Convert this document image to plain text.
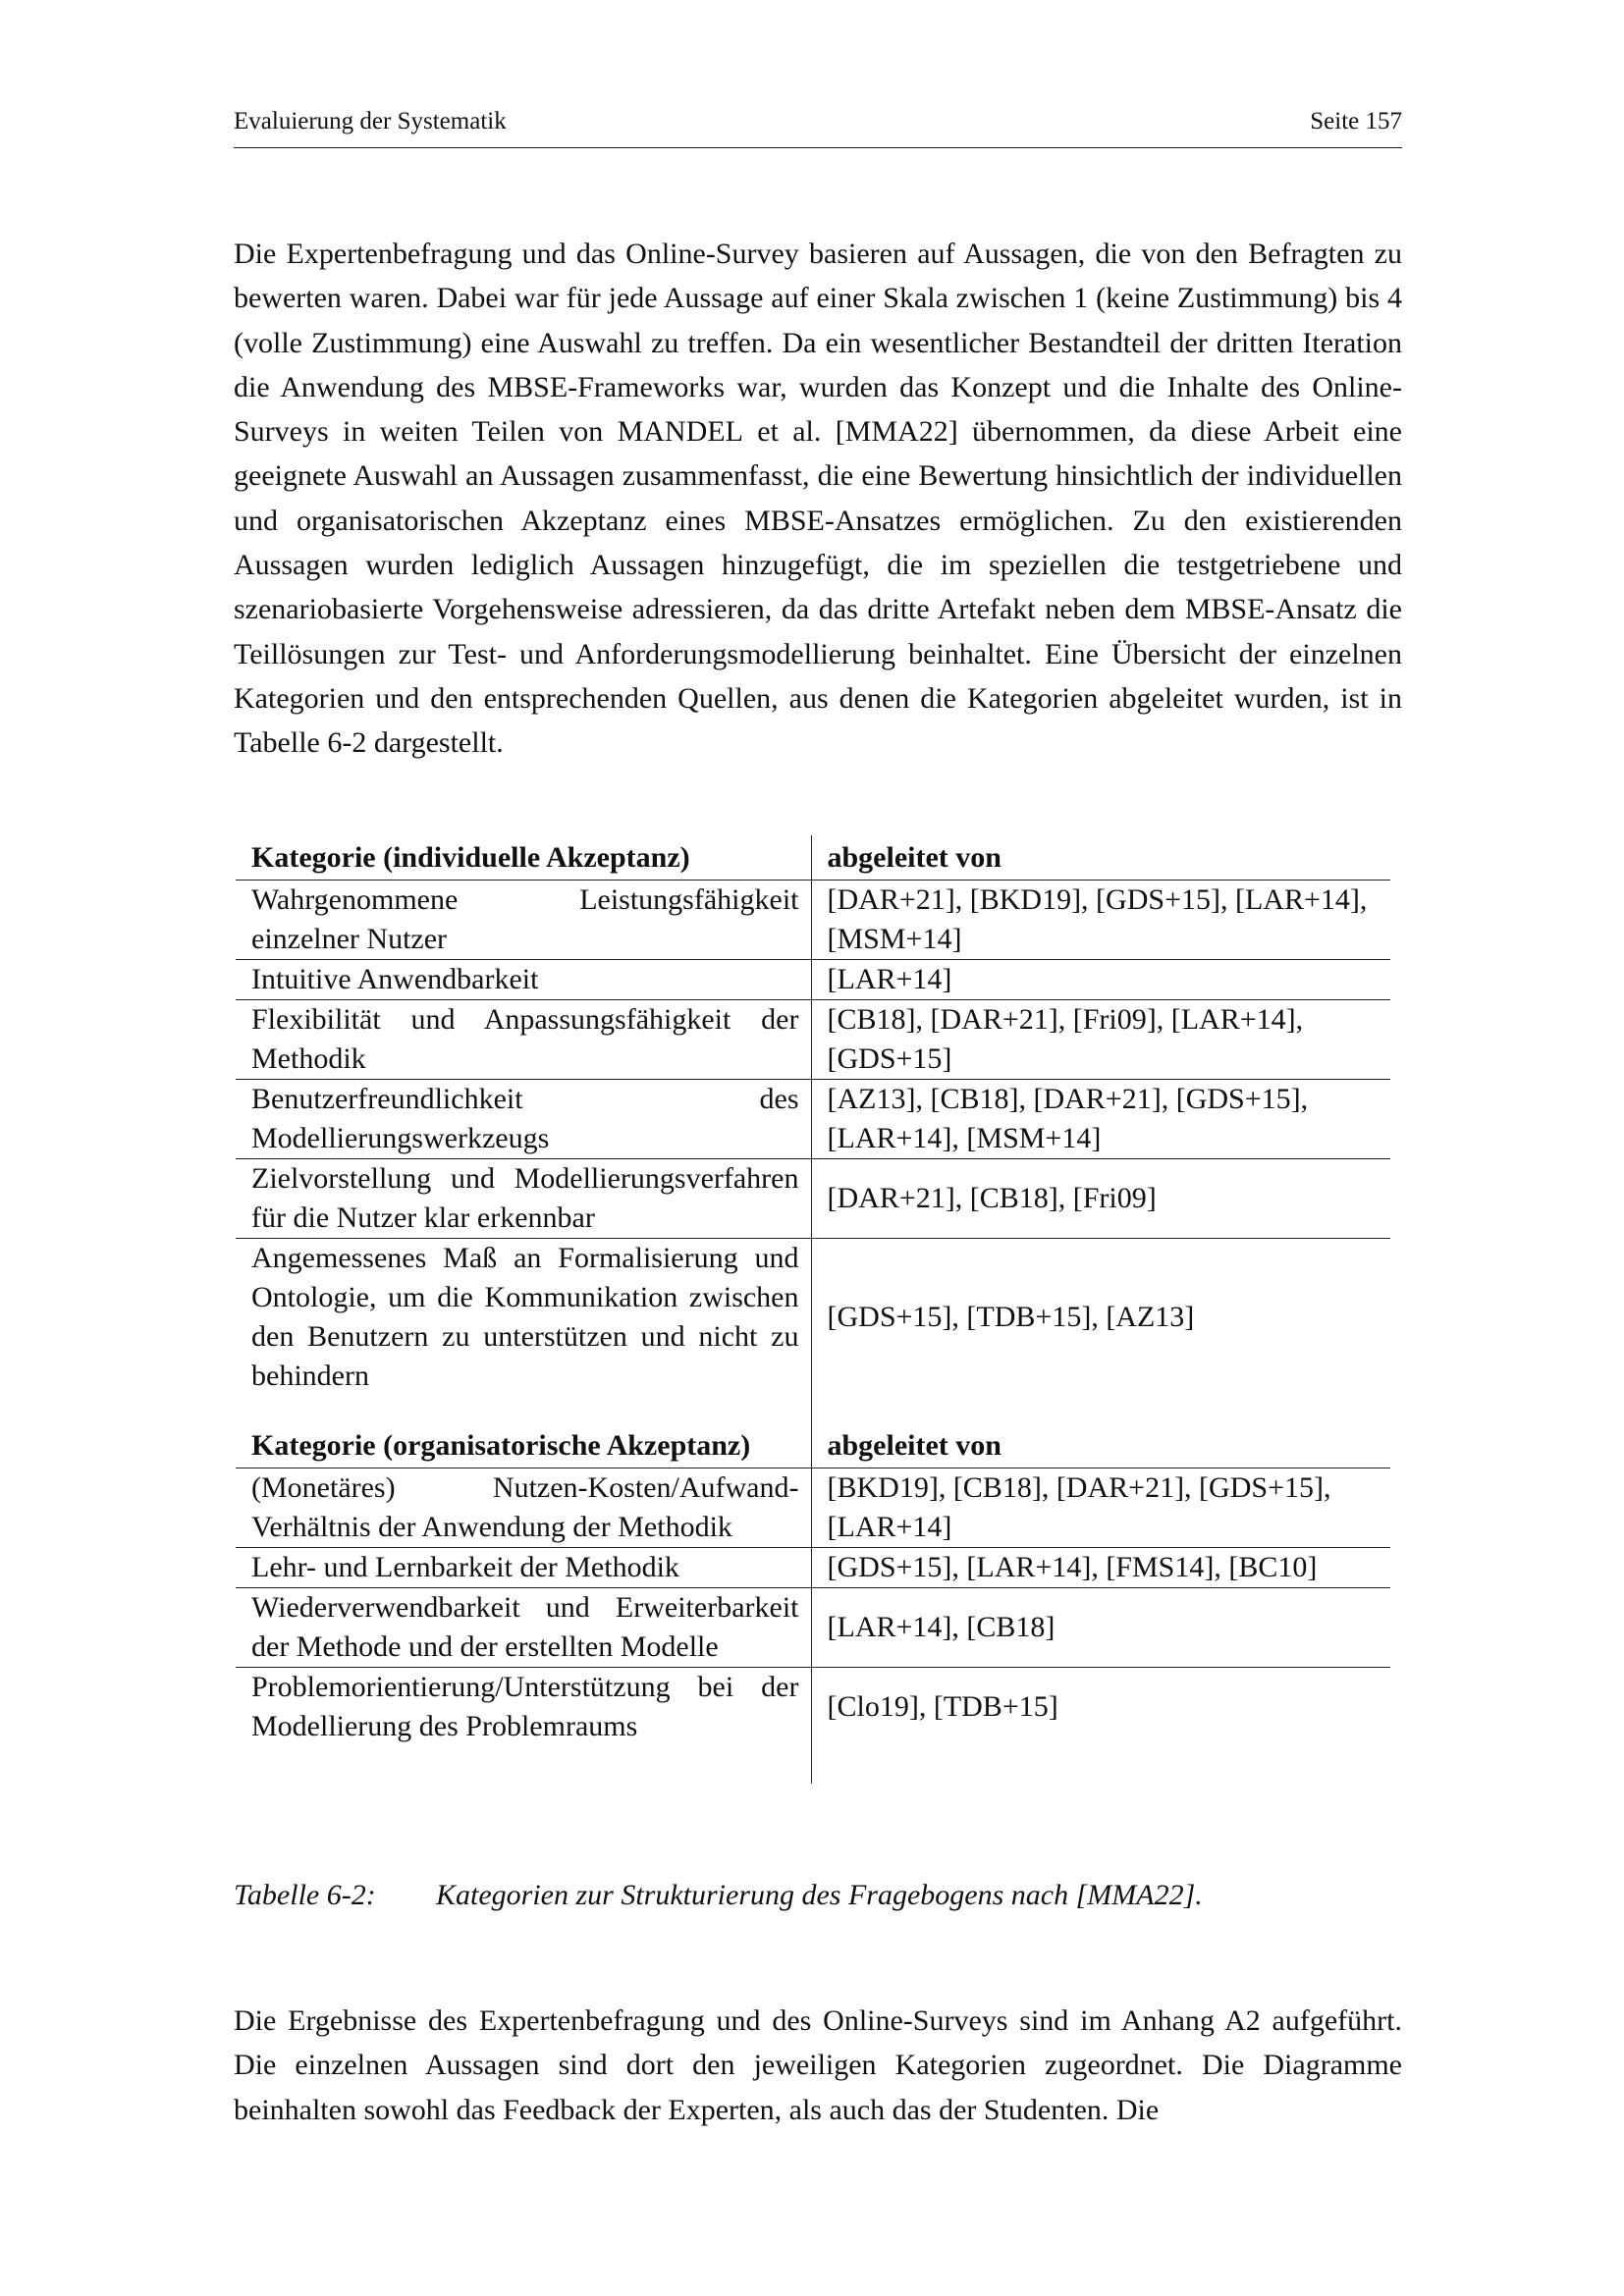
Evaluierung der Systematik	Seite 157

Die Expertenbefragung und das Online-Survey basieren auf Aussagen, die von den Befragten zu bewerten waren. Dabei war für jede Aussage auf einer Skala zwischen 1 (keine Zustimmung) bis 4 (volle Zustimmung) eine Auswahl zu treffen. Da ein wesentlicher Bestandteil der dritten Iteration die Anwendung des MBSE-Frameworks war, wurden das Konzept und die Inhalte des Online-Surveys in weiten Teilen von MANDEL et al. [MMA22] übernommen, da diese Arbeit eine geeignete Auswahl an Aussagen zusammenfasst, die eine Bewertung hinsichtlich der individuellen und organisatorischen Akzeptanz eines MBSE-Ansatzes ermöglichen. Zu den existierenden Aussagen wurden lediglich Aussagen hinzugefügt, die im speziellen die testgetriebene und szenariobasierte Vorgehensweise adressieren, da das dritte Artefakt neben dem MBSE-Ansatz die Teillösungen zur Test- und Anforderungsmodellierung beinhaltet. Eine Übersicht der einzelnen Kategorien und den entsprechenden Quellen, aus denen die Kategorien abgeleitet wurden, ist in Tabelle 6-2 dargestellt.

Kategorie (individuelle Akzeptanz)	abgeleitet von
Wahrgenommene Leistungsfähigkeit einzelner Nutzer	[DAR+21], [BKD19], [GDS+15], [LAR+14], [MSM+14]
Intuitive Anwendbarkeit	[LAR+14]
Flexibilität und Anpassungsfähigkeit der Methodik	[CB18], [DAR+21], [Fri09], [LAR+14], [GDS+15]
Benutzerfreundlichkeit des Modellierungswerkzeugs	[AZ13], [CB18], [DAR+21], [GDS+15], [LAR+14], [MSM+14]
Zielvorstellung und Modellierungsverfahren für die Nutzer klar erkennbar	[DAR+21], [CB18], [Fri09]
Angemessenes Maß an Formalisierung und Ontologie, um die Kommunikation zwischen den Benutzern zu unterstützen und nicht zu behindern	[GDS+15], [TDB+15], [AZ13]

Kategorie (organisatorische Akzeptanz)	abgeleitet von
(Monetäres) Nutzen-Kosten/Aufwand-Verhältnis der Anwendung der Methodik	[BKD19], [CB18], [DAR+21], [GDS+15], [LAR+14]
Lehr- und Lernbarkeit der Methodik	[GDS+15], [LAR+14], [FMS14], [BC10]
Wiederverwendbarkeit und Erweiterbarkeit der Methode und der erstellten Modelle	[LAR+14], [CB18]
Problemorientierung/Unterstützung bei der Modellierung des Problemraums	[Clo19], [TDB+15]

Tabelle 6-2: Kategorien zur Strukturierung des Fragebogens nach [MMA22].

Die Ergebnisse des Expertenbefragung und des Online-Surveys sind im Anhang A2 aufgeführt. Die einzelnen Aussagen sind dort den jeweiligen Kategorien zugeordnet. Die Diagramme beinhalten sowohl das Feedback der Experten, als auch das der Studenten. Die
